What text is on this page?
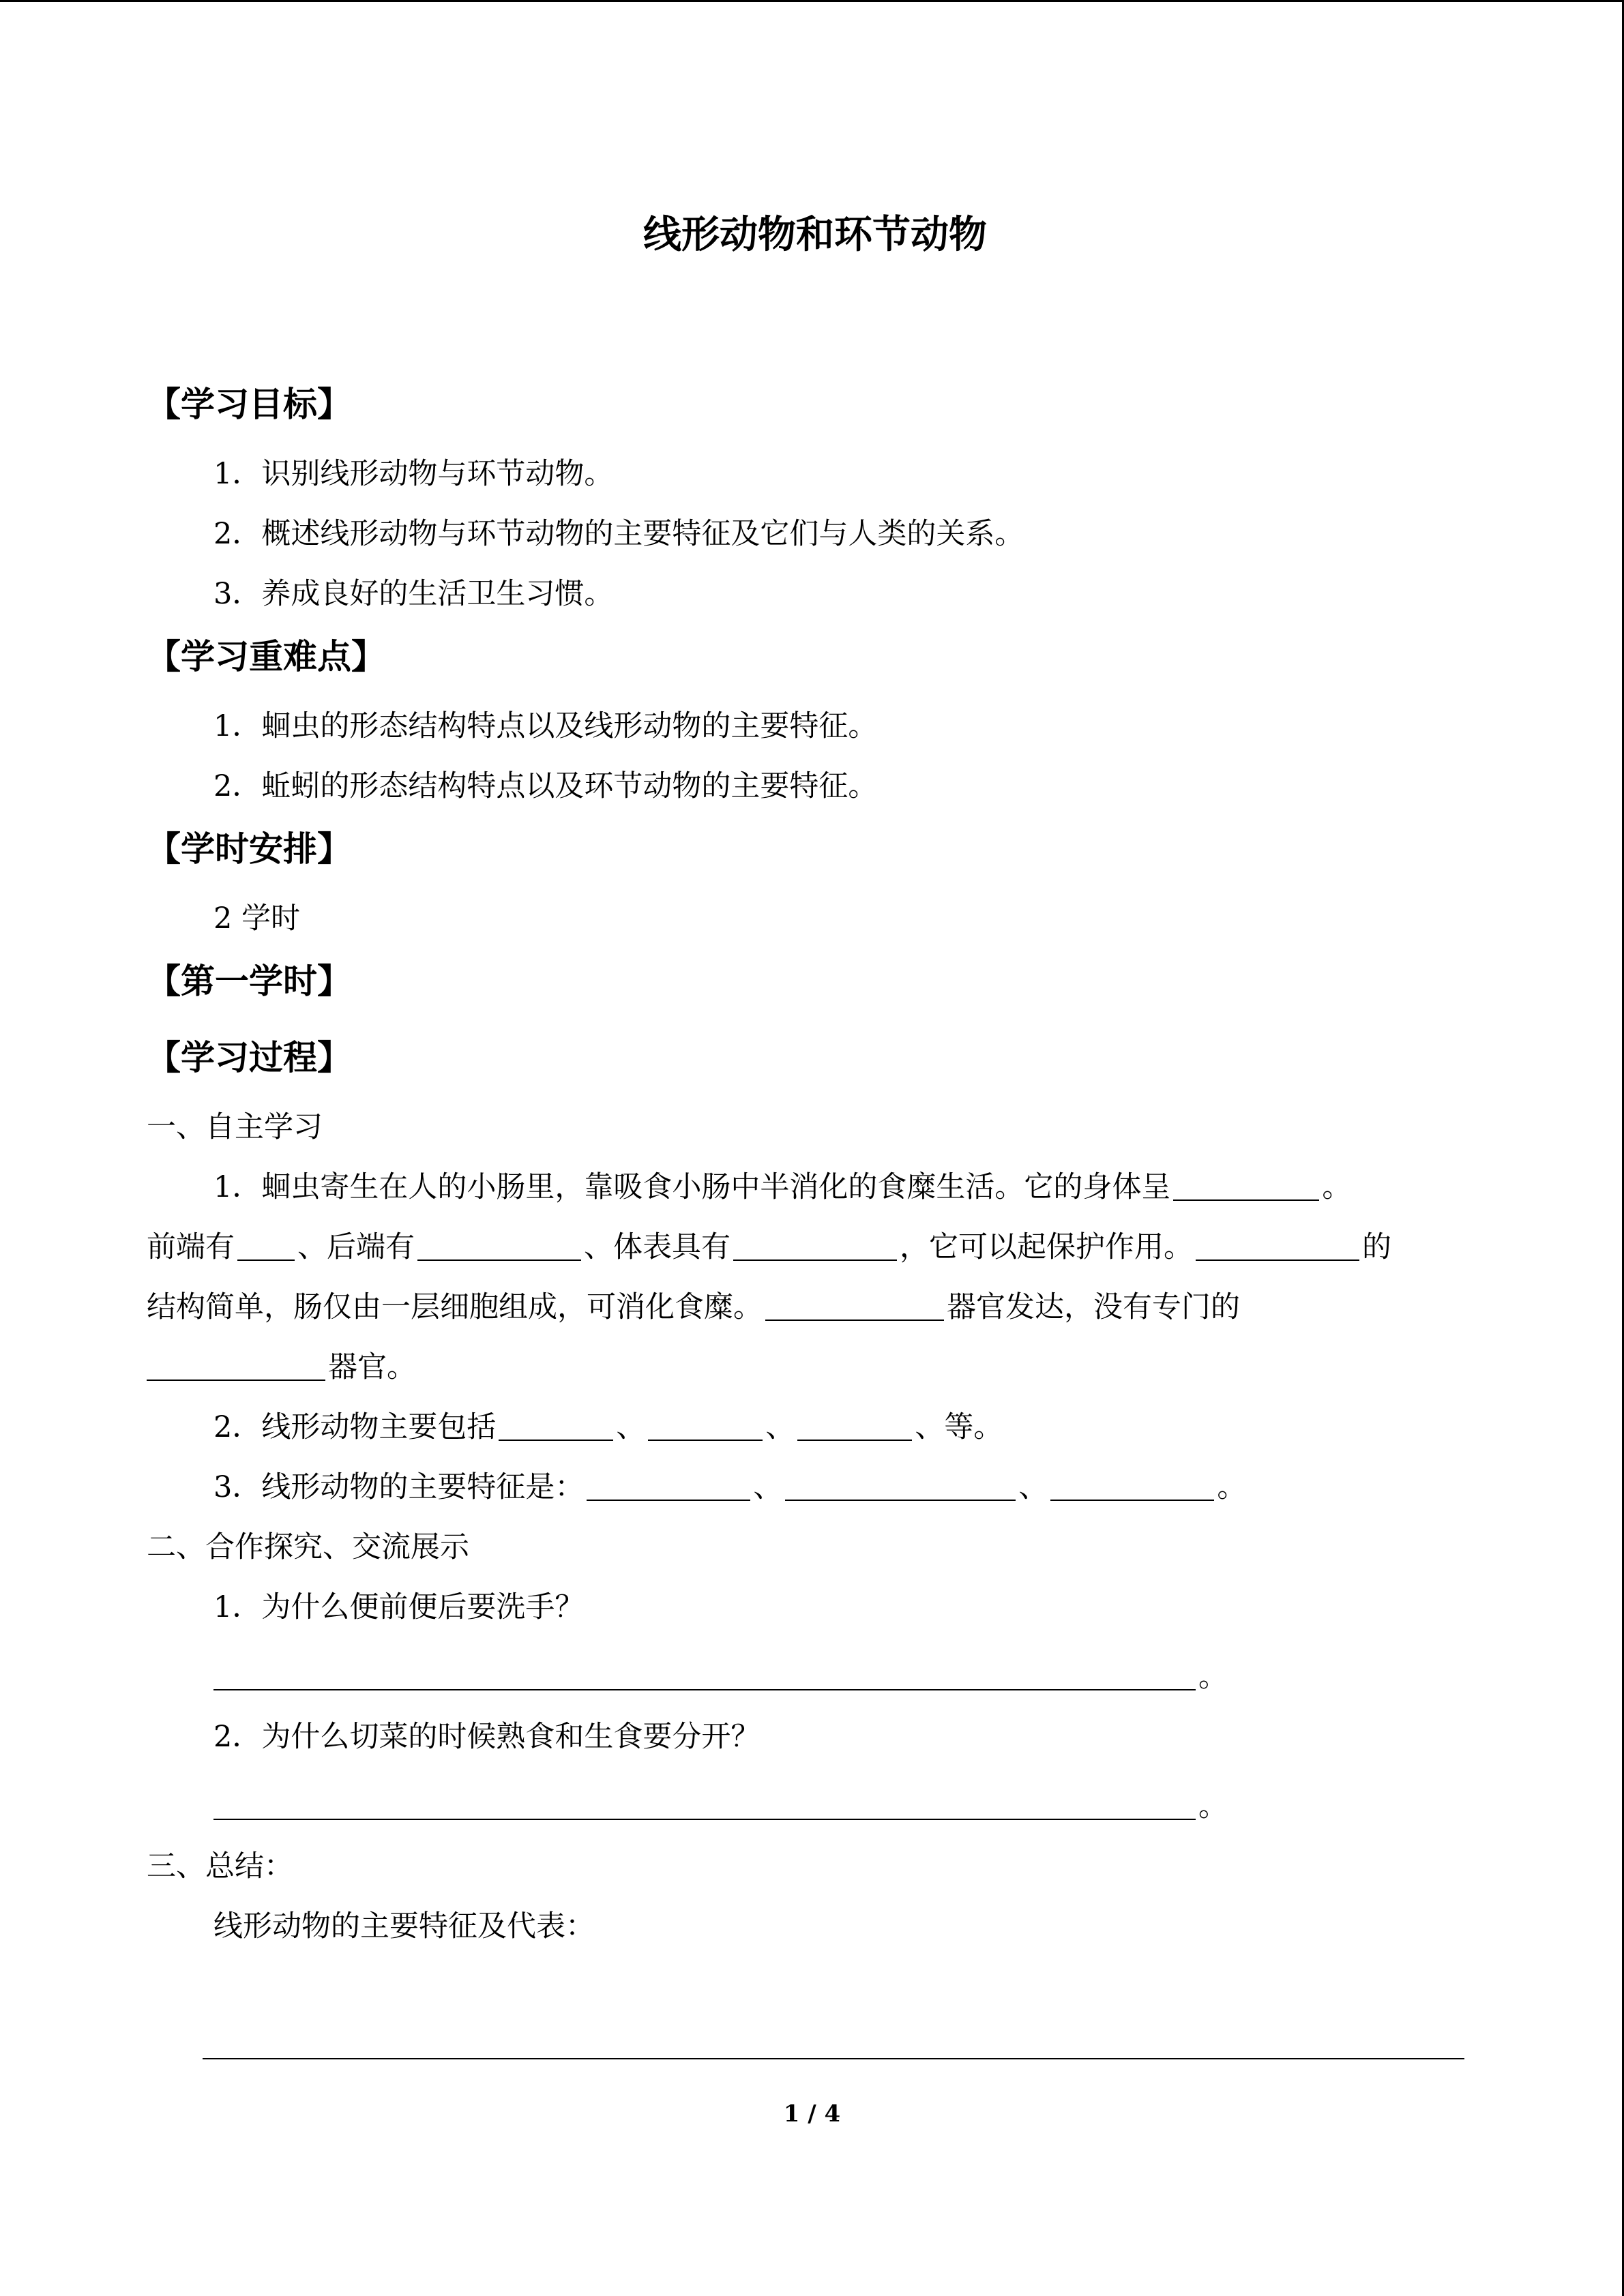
线形动物和环节动物

【学习目标】

1．识别线形动物与环节动物。

2．概述线形动物与环节动物的主要特征及它们与人类的关系。

3．养成良好的生活卫生习惯。

【学习重难点】

1．蛔虫的形态结构特点以及线形动物的主要特征。

2．蚯蚓的形态结构特点以及环节动物的主要特征。

【学时安排】

2 学时

【第一学时】

【学习过程】

一、自主学习

1．蛔虫寄生在人的小肠里，靠吸食小肠中半消化的食糜生活。它的身体呈	。

前端有 、后端有	、体表具有	，它可以起保护作用。	的

结构简单，肠仅由一层细胞组成，可消化食糜。	器官发达，没有专门的

器官。

2．线形动物主要包括	、	、	、等。

3．线形动物的主要特征是：	、	、	。

二、合作探究、交流展示

1．为什么便前便后要洗手？

。

2．为什么切菜的时候熟食和生食要分开？

。

三、总结：

线形动物的主要特征及代表：

1 / 4
